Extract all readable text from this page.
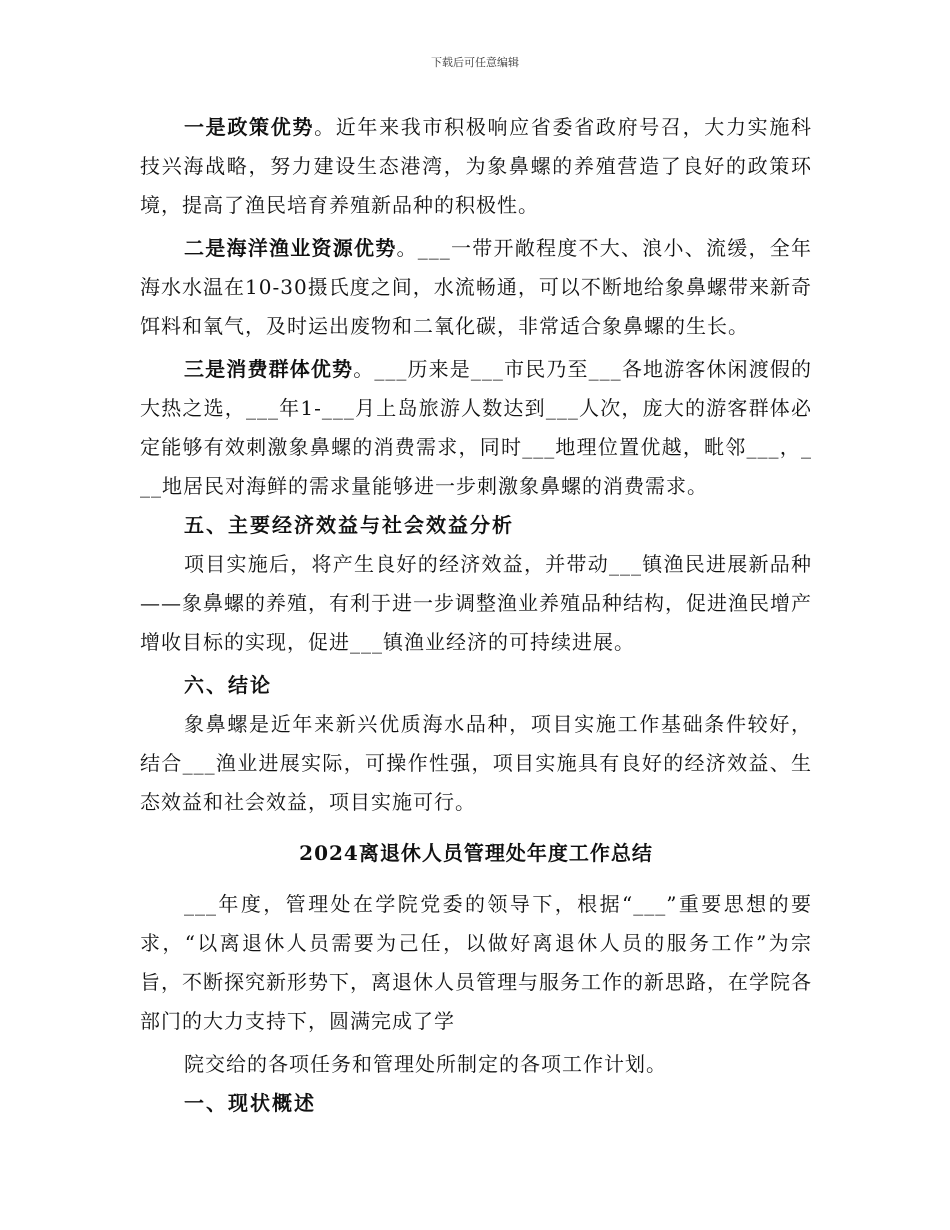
下载后可任意编辑

一是政策优势。近年来我市积极响应省委省政府号召，大力实施科技兴海战略，努力建设生态港湾，为象鼻螺的养殖营造了良好的政策环境，提高了渔民培育养殖新品种的积极性。

二是海洋渔业资源优势。___一带开敞程度不大、浪小、流缓，全年海水水温在10-30摄氏度之间，水流畅通，可以不断地给象鼻螺带来新奇饵料和氧气，及时运出废物和二氧化碳，非常适合象鼻螺的生长。

三是消费群体优势。___历来是___市民乃至___各地游客休闲渡假的大热之选，___年1-___月上岛旅游人数达到___人次，庞大的游客群体必定能够有效刺激象鼻螺的消费需求，同时___地理位置优越，毗邻___，___地居民对海鲜的需求量能够进一步刺激象鼻螺的消费需求。

五、主要经济效益与社会效益分析

项目实施后，将产生良好的经济效益，并带动___镇渔民进展新品种——象鼻螺的养殖，有利于进一步调整渔业养殖品种结构，促进渔民增产增收目标的实现，促进___镇渔业经济的可持续进展。

六、结论

象鼻螺是近年来新兴优质海水品种，项目实施工作基础条件较好，结合___渔业进展实际，可操作性强，项目实施具有良好的经济效益、生态效益和社会效益，项目实施可行。

2024离退休人员管理处年度工作总结

___年度，管理处在学院党委的领导下，根据“___”重要思想的要求，“以离退休人员需要为己任，以做好离退休人员的服务工作”为宗旨，不断探究新形势下，离退休人员管理与服务工作的新思路，在学院各部门的大力支持下，圆满完成了学

院交给的各项任务和管理处所制定的各项工作计划。

一、现状概述
